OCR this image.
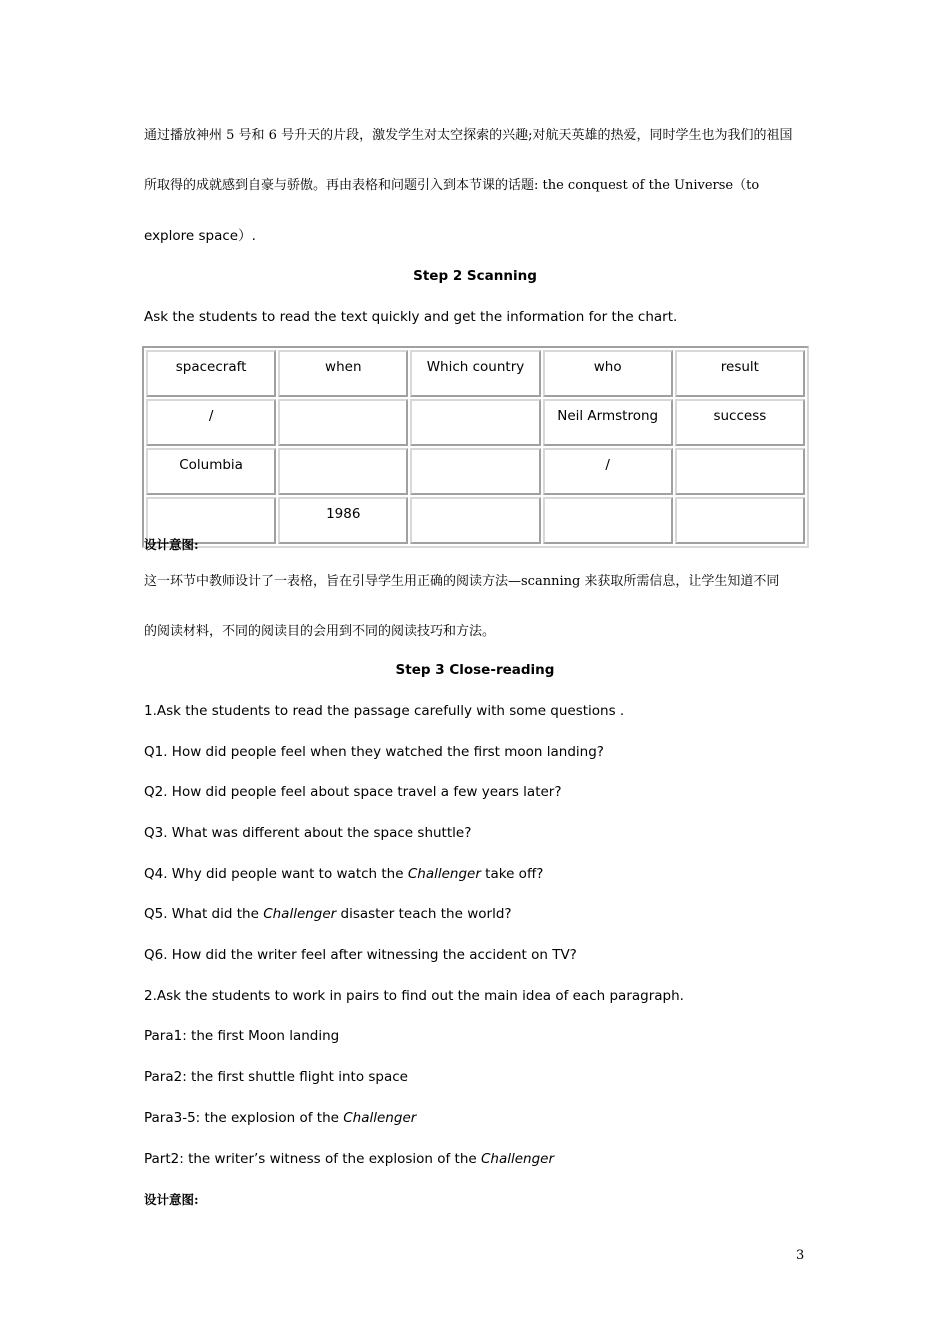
通过播放神州 5 号和 6 号升天的片段，激发学生对太空探索的兴趣;对航天英雄的热爱，同时学生也为我们的祖国
所取得的成就感到自豪与骄傲。再由表格和问题引入到本节课的话题: the conquest of the Universe（to
explore space）.
Step 2 Scanning
Ask the students to read the text quickly and get the information for the chart.
spacecraft	when	Which country	who	result
/			Neil Armstrong	success
Columbia			/	
	1986			
设计意图:
这一环节中教师设计了一表格，旨在引导学生用正确的阅读方法—scanning 来获取所需信息，让学生知道不同
的阅读材料，不同的阅读目的会用到不同的阅读技巧和方法。
Step 3 Close-reading
1.Ask the students to read the passage carefully with some questions .
Q1. How did people feel when they watched the first moon landing?
Q2. How did people feel about space travel a few years later?
Q3. What was different about the space shuttle?
Q4. Why did people want to watch the Challenger take off?
Q5. What did the Challenger disaster teach the world?
Q6. How did the writer feel after witnessing the accident on TV?
2.Ask the students to work in pairs to find out the main idea of each paragraph.
Para1: the first Moon landing
Para2: the first shuttle flight into space
Para3-5: the explosion of the Challenger
Part2: the writer’s witness of the explosion of the Challenger
设计意图:
3
